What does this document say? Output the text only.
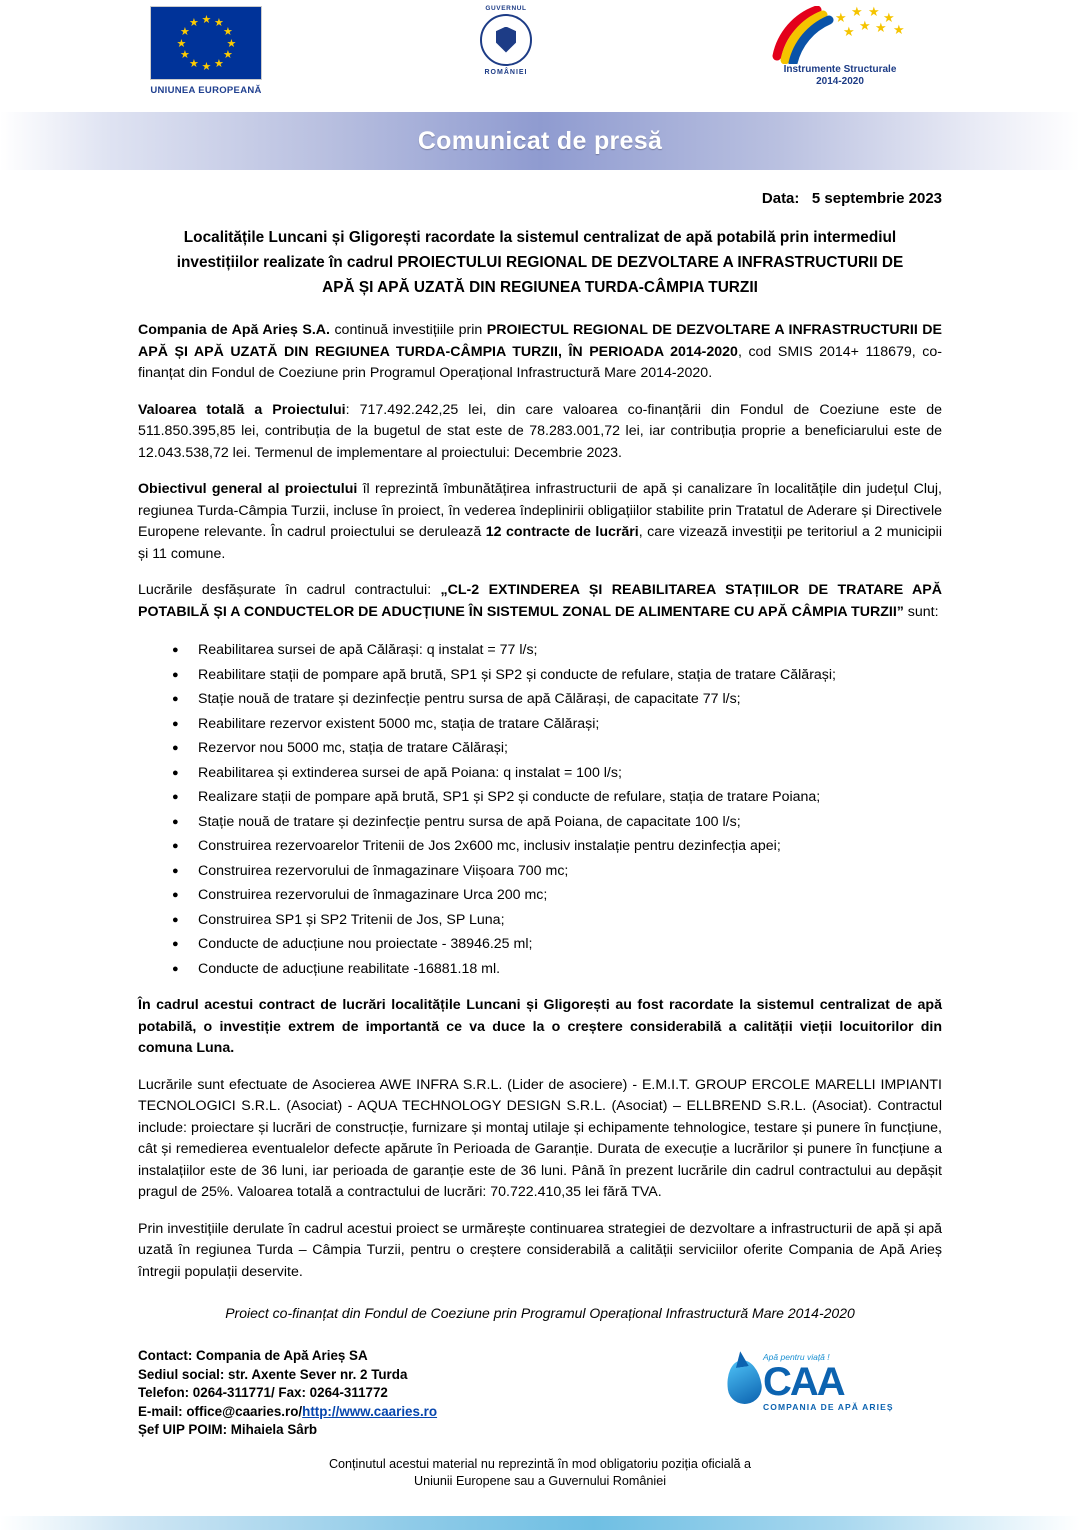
★ ★
★
★
★
★
★
★
★
★
★
★
UNIUNEA EUROPEANĂ
GUVERNUL
ROMÂNIEI
★ ★ ★ ★
★
★ ★ ★
Instrumente Structurale
2014-2020
Comunicat de presă
Data: 5 septembrie 2023
Localitățile Luncani și Gligorești racordate la sistemul centralizat de apă potabilă prin intermediul investițiilor realizate în cadrul PROIECTULUI REGIONAL DE DEZVOLTARE A INFRASTRUCTURII DE APĂ ȘI APĂ UZATĂ DIN REGIUNEA TURDA-CÂMPIA TURZII

Compania de Apă Arieș S.A. continuă investițiile prin PROIECTUL REGIONAL DE DEZVOLTARE A INFRASTRUCTURII DE APĂ ȘI APĂ UZATĂ DIN REGIUNEA TURDA-CÂMPIA TURZII, ÎN PERIOADA 2014-2020, cod SMIS 2014+ 118679, co-finanțat din Fondul de Coeziune prin Programul Operațional Infrastructură Mare 2014-2020.

Valoarea totală a Proiectului: 717.492.242,25 lei, din care valoarea co-finanțării din Fondul de Coeziune este de 511.850.395,85 lei, contribuția de la bugetul de stat este de 78.283.001,72 lei, iar contribuția proprie a beneficiarului este de 12.043.538,72 lei. Termenul de implementare al proiectului: Decembrie 2023.

Obiectivul general al proiectului îl reprezintă îmbunătățirea infrastructurii de apă și canalizare în localitățile din județul Cluj, regiunea Turda-Câmpia Turzii, incluse în proiect, în vederea îndeplinirii obligațiilor stabilite prin Tratatul de Aderare și Directivele Europene relevante. În cadrul proiectului se derulează 12 contracte de lucrări, care vizează investiții pe teritoriul a 2 municipii și 11 comune.

Lucrările desfășurate în cadrul contractului: „CL-2 EXTINDEREA ȘI REABILITAREA STAȚIILOR DE TRATARE APĂ POTABILĂ ȘI A CONDUCTELOR DE ADUCȚIUNE ÎN SISTEMUL ZONAL DE ALIMENTARE CU APĂ CÂMPIA TURZII” sunt:

● Reabilitarea sursei de apă Călărași: q instalat = 77 l/s;
● Reabilitare stații de pompare apă brută, SP1 și SP2 și conducte de refulare, stația de tratare Călărași;
● Stație nouă de tratare și dezinfecție pentru sursa de apă Călărași, de capacitate 77 l/s;
● Reabilitare rezervor existent 5000 mc, stația de tratare Călărași;
● Rezervor nou 5000 mc, stația de tratare Călărași;
● Reabilitarea și extinderea sursei de apă Poiana: q instalat = 100 l/s;
● Realizare stații de pompare apă brută, SP1 și SP2 și conducte de refulare, stația de tratare Poiana;
● Stație nouă de tratare și dezinfecție pentru sursa de apă Poiana, de capacitate 100 l/s;
● Construirea rezervoarelor Tritenii de Jos 2x600 mc, inclusiv instalație pentru dezinfecția apei;
● Construirea rezervorului de înmagazinare Viișoara 700 mc;
● Construirea rezervorului de înmagazinare Urca 200 mc;
● Construirea SP1 și SP2 Tritenii de Jos, SP Luna;
● Conducte de aducțiune nou proiectate - 38946.25 ml;
● Conducte de aducțiune reabilitate -16881.18 ml.

În cadrul acestui contract de lucrări localitățile Luncani și Gligorești au fost racordate la sistemul centralizat de apă potabilă, o investiție extrem de importantă ce va duce la o creștere considerabilă a calității vieții locuitorilor din comuna Luna.

Lucrările sunt efectuate de Asocierea AWE INFRA S.R.L. (Lider de asociere) - E.M.I.T. GROUP ERCOLE MARELLI IMPIANTI TECNOLOGICI S.R.L. (Asociat) - AQUA TECHNOLOGY DESIGN S.R.L. (Asociat) – ELLBREND S.R.L. (Asociat). Contractul include: proiectare și lucrări de construcție, furnizare și montaj utilaje și echipamente tehnologice, testare și punere în funcțiune, cât și remedierea eventualelor defecte apărute în Perioada de Garanție. Durata de execuție a lucrărilor și punere în funcțiune a instalațiilor este de 36 luni, iar perioada de garanție este de 36 luni. Până în prezent lucrările din cadrul contractului au depășit pragul de 25%. Valoarea totală a contractului de lucrări: 70.722.410,35 lei fără TVA.

Prin investițiile derulate în cadrul acestui proiect se urmărește continuarea strategiei de dezvoltare a infrastructurii de apă și apă uzată în regiunea Turda – Câmpia Turzii, pentru o creștere considerabilă a calității serviciilor oferite Compania de Apă Arieș întregii populații deservite.

Proiect co-finanțat din Fondul de Coeziune prin Programul Operațional Infrastructură Mare 2014-2020

Contact: Compania de Apă Arieș SA
Sediul social: str. Axente Sever nr. 2 Turda
Telefon: 0264-311771/ Fax: 0264-311772
E-mail: office@caaries.ro/http://www.caaries.ro
Șef UIP POIM: Mihaiela Sârb
Apă pentru viață !
CAA
COMPANIA DE APĂ ARIEȘ
Conținutul acestui material nu reprezintă în mod obligatoriu poziția oficială a
Uniunii Europene sau a Guvernului României
